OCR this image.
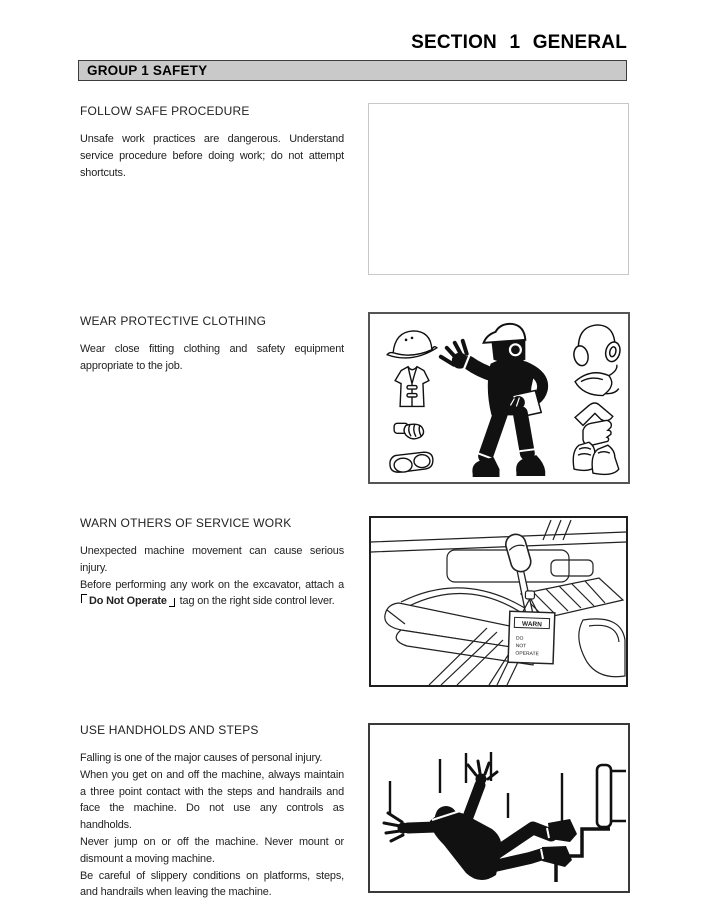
SECTION 1 GENERAL
GROUP 1 SAFETY
FOLLOW SAFE PROCEDURE

Unsafe work practices are dangerous. Understand service procedure before doing work; do not attempt shortcuts.

WEAR PROTECTIVE CLOTHING

Wear close fitting clothing and safety equipment appropriate to the job.

WARN OTHERS OF SERVICE WORK

Unexpected machine movement can cause serious injury.

Before performing any work on the excavator, attach a Do Not Operate tag on the right side control lever.

WARN
DO
NOT
OPERATE
USE HANDHOLDS AND STEPS

Falling is one of the major causes of personal injury.

When you get on and off the machine, always maintain a three point contact with the steps and handrails and face the machine. Do not use any controls as handholds.

Never jump on or off the machine. Never mount or dismount a moving machine.

Be careful of slippery conditions on platforms, steps, and handrails when leaving the machine.
